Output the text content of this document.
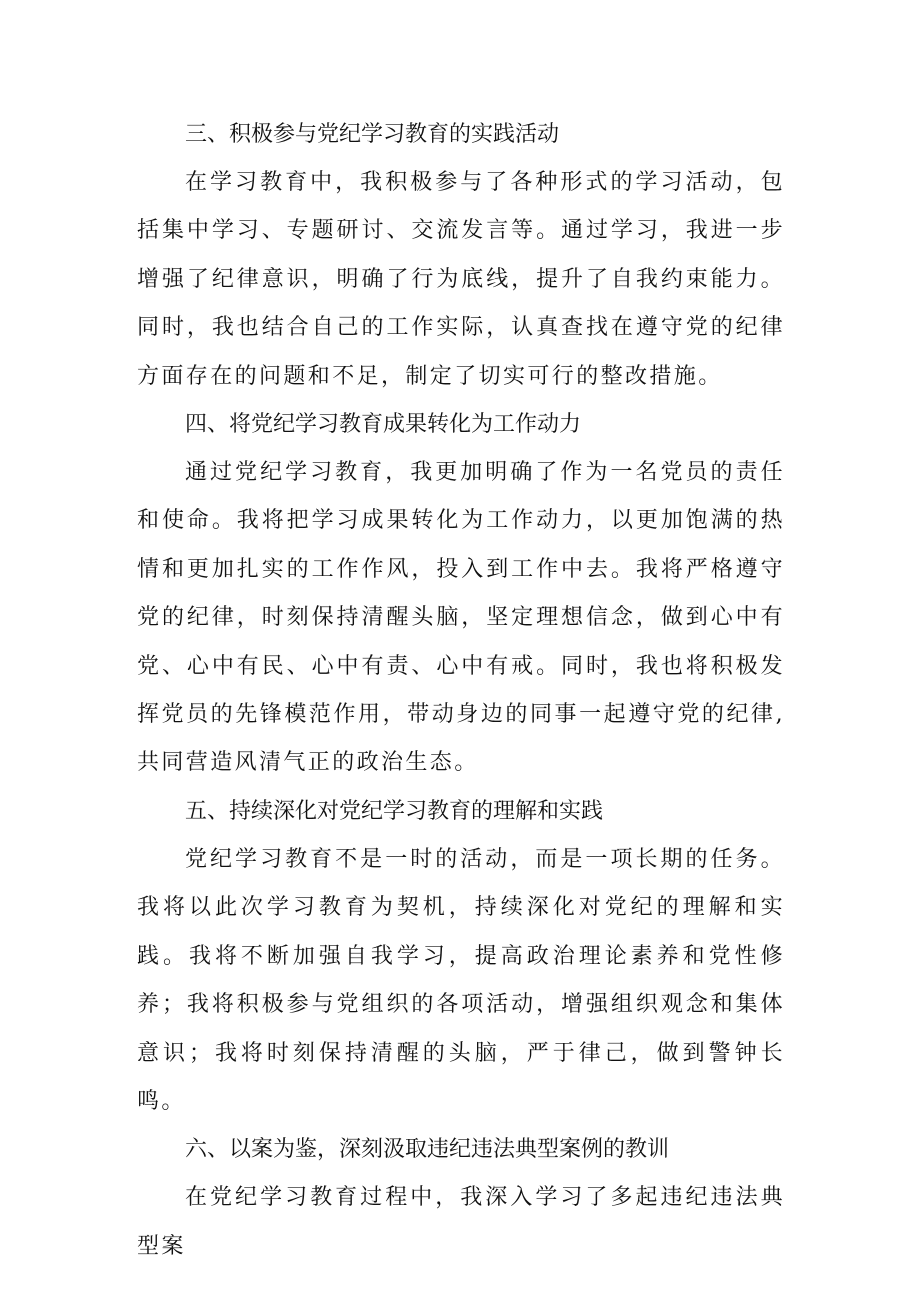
三、积极参与党纪学习教育的实践活动

在学习教育中，我积极参与了各种形式的学习活动，包括集中学习、专题研讨、交流发言等。通过学习，我进一步增强了纪律意识，明确了行为底线，提升了自我约束能力。同时，我也结合自己的工作实际，认真查找在遵守党的纪律方面存在的问题和不足，制定了切实可行的整改措施。

四、将党纪学习教育成果转化为工作动力

通过党纪学习教育，我更加明确了作为一名党员的责任和使命。我将把学习成果转化为工作动力，以更加饱满的热情和更加扎实的工作作风，投入到工作中去。我将严格遵守党的纪律，时刻保持清醒头脑，坚定理想信念，做到心中有党、心中有民、心中有责、心中有戒。同时，我也将积极发挥党员的先锋模范作用，带动身边的同事一起遵守党的纪律,共同营造风清气正的政治生态。

五、持续深化对党纪学习教育的理解和实践

党纪学习教育不是一时的活动，而是一项长期的任务。我将以此次学习教育为契机，持续深化对党纪的理解和实践。我将不断加强自我学习，提高政治理论素养和党性修养；我将积极参与党组织的各项活动，增强组织观念和集体意识；我将时刻保持清醒的头脑，严于律己，做到警钟长鸣。

六、以案为鉴，深刻汲取违纪违法典型案例的教训

在党纪学习教育过程中，我深入学习了多起违纪违法典型案
